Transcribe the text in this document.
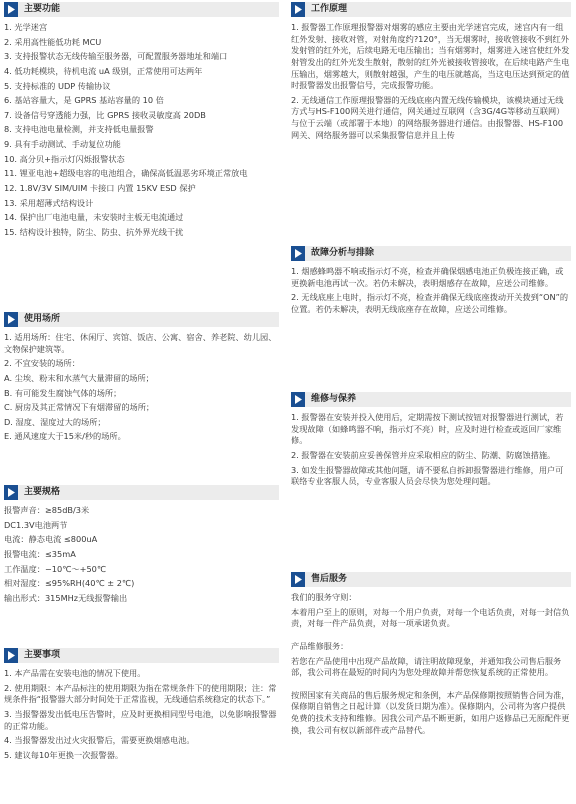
主要功能
1. 光学迷宫
2. 采用高性能低功耗 MCU
3. 支持报警状态无线传输至服务器，可配置服务器地址和端口
4. 低功耗模块，待机电流 uA 级别，正常使用可达两年
5. 支持标准的 UDP 传输协议
6. 基站容量大，是 GPRS 基站容量的 10 倍
7. 设备信号穿透能力强，比 GPRS 接收灵敏度高 20DB
8. 支持电池电量检测，并支持低电量报警
9. 具有手动测试、手动复位功能
10. 高分贝+指示灯闪烁报警状态
11. 锂亚电池+超级电容的电池组合，确保高低温恶劣环境正常放电
12. 1.8V/3V SIM/UIM 卡接口 内置 15KV ESD 保护
13. 采用超薄式结构设计
14. 保护出厂电池电量，未安装时主板无电流通过
15. 结构设计独特，防尘、防虫、抗外界光线干扰
使用场所

1. 适用场所：住宅、休闲厅、宾馆、饭店、公寓、宿舍、养老院、幼儿园、文物保护建筑等。

2. 不宜安装的场所：

A. 尘埃、粉末和水蒸气大量滞留的场所；
B. 有可能发生腐蚀气体的场所；
C. 厨房及其正常情况下有烟滞留的场所；
D. 湿度、湿度过大的场所；
E. 通风速度大于15米/秒的场所。
主要规格
报警声音：≥85dB/3米
DC1.3V电池两节
电流：静态电流 ≤800uA
报警电流：≤35mA
工作温度：−10℃～+50℃
相对湿度：≤95%RH(40℃ ± 2℃)
输出形式：315MHz无线报警输出
主要事项
1. 本产品需在安装电池的情况下使用。
2. 使用期限：本产品标注的使用期限为指在常规条件下的使用期限；注：常规条件指“报警器大部分时间处于正常监视，无线通信系统稳定的状态下。”
3. 当报警器发出低电压告警时，应及时更换相同型号电池，以免影响报警器的正常功能。
4. 当报警器发出过火灾报警后，需要更换烟感电池。
5. 建议每10年更换一次报警器。
工作原理
1. 报警器工作原理报警器对烟雾的感应主要由光学迷宫完成，迷宫内有一组红外发射、接收对管，对射角度约?120°，当无烟雾时，接收管接收不到红外发射管的红外光，后续电路无电压输出；当有烟雾时，烟雾进入迷宫使红外发射管发出的红外光发生散射，散射的红外光被接收管接收，在后续电路产生电压输出，烟雾越大，则散射越强，产生的电压就越高，当这电压达到预定的值时报警器发出报警信号，完成报警功能。
2. 无线通信工作原理报警器的无线底座内置无线传输模块，该模块通过无线方式与HS-F100网关进行通信，网关通过互联网（含3G/4G等移动互联网）与位于云端（或部署于本地）的网络服务器进行通信。由报警器、HS-F100网关、网络服务器可以采集报警信息并且上传
故障分析与排除
1. 烟感蜂鸣器不响或指示灯不亮，检查并确保烟感电池正负极连接正确，或更换新电池再试一次。若仍未解决，表明烟感存在故障，应送公司维修。
2. 无线底座上电时，指示灯不亮，检查并确保无线底座拨动开关拨到“ON”的位置。若仍未解决，表明无线底座存在故障，应送公司维修。
维修与保养
1. 报警器在安装并投入使用后，定期需按下测试按钮对报警器进行测试，若发现故障（如蜂鸣器不响，指示灯不亮）时，应及时进行检查或返回厂家维修。
2. 报警器在安装前应妥善保管并应采取相应的防尘、防潮、防腐蚀措施。
3. 如发生报警器故障或其他问题，请不要私自拆卸报警器进行维修，用户可联络专业客服人员，专业客服人员会尽快为您处理问题。
售后服务

我们的服务守则：

本着用户至上的原则，对每一个用户负责，对每一个电话负责，对每一封信负责，对每一件产品负责，对每一项承诺负责。

产品维修服务：

若您在产品使用中出现产品故障，请注明故障现象，并通知我公司售后服务部，我公司将在最短的时间内为您处理故障并帮您恢复系统的正常使用。

按照国家有关商品的售后服务规定和条例，本产品保修期按照销售合同为准，保修期自销售之日起计算（以发货日期为准）。保修期内，公司将为客户提供免费的技术支持和维修。因我公司产品不断更新，如用户返修品已无原配件更换，我公司有权以新部件或产品替代。
